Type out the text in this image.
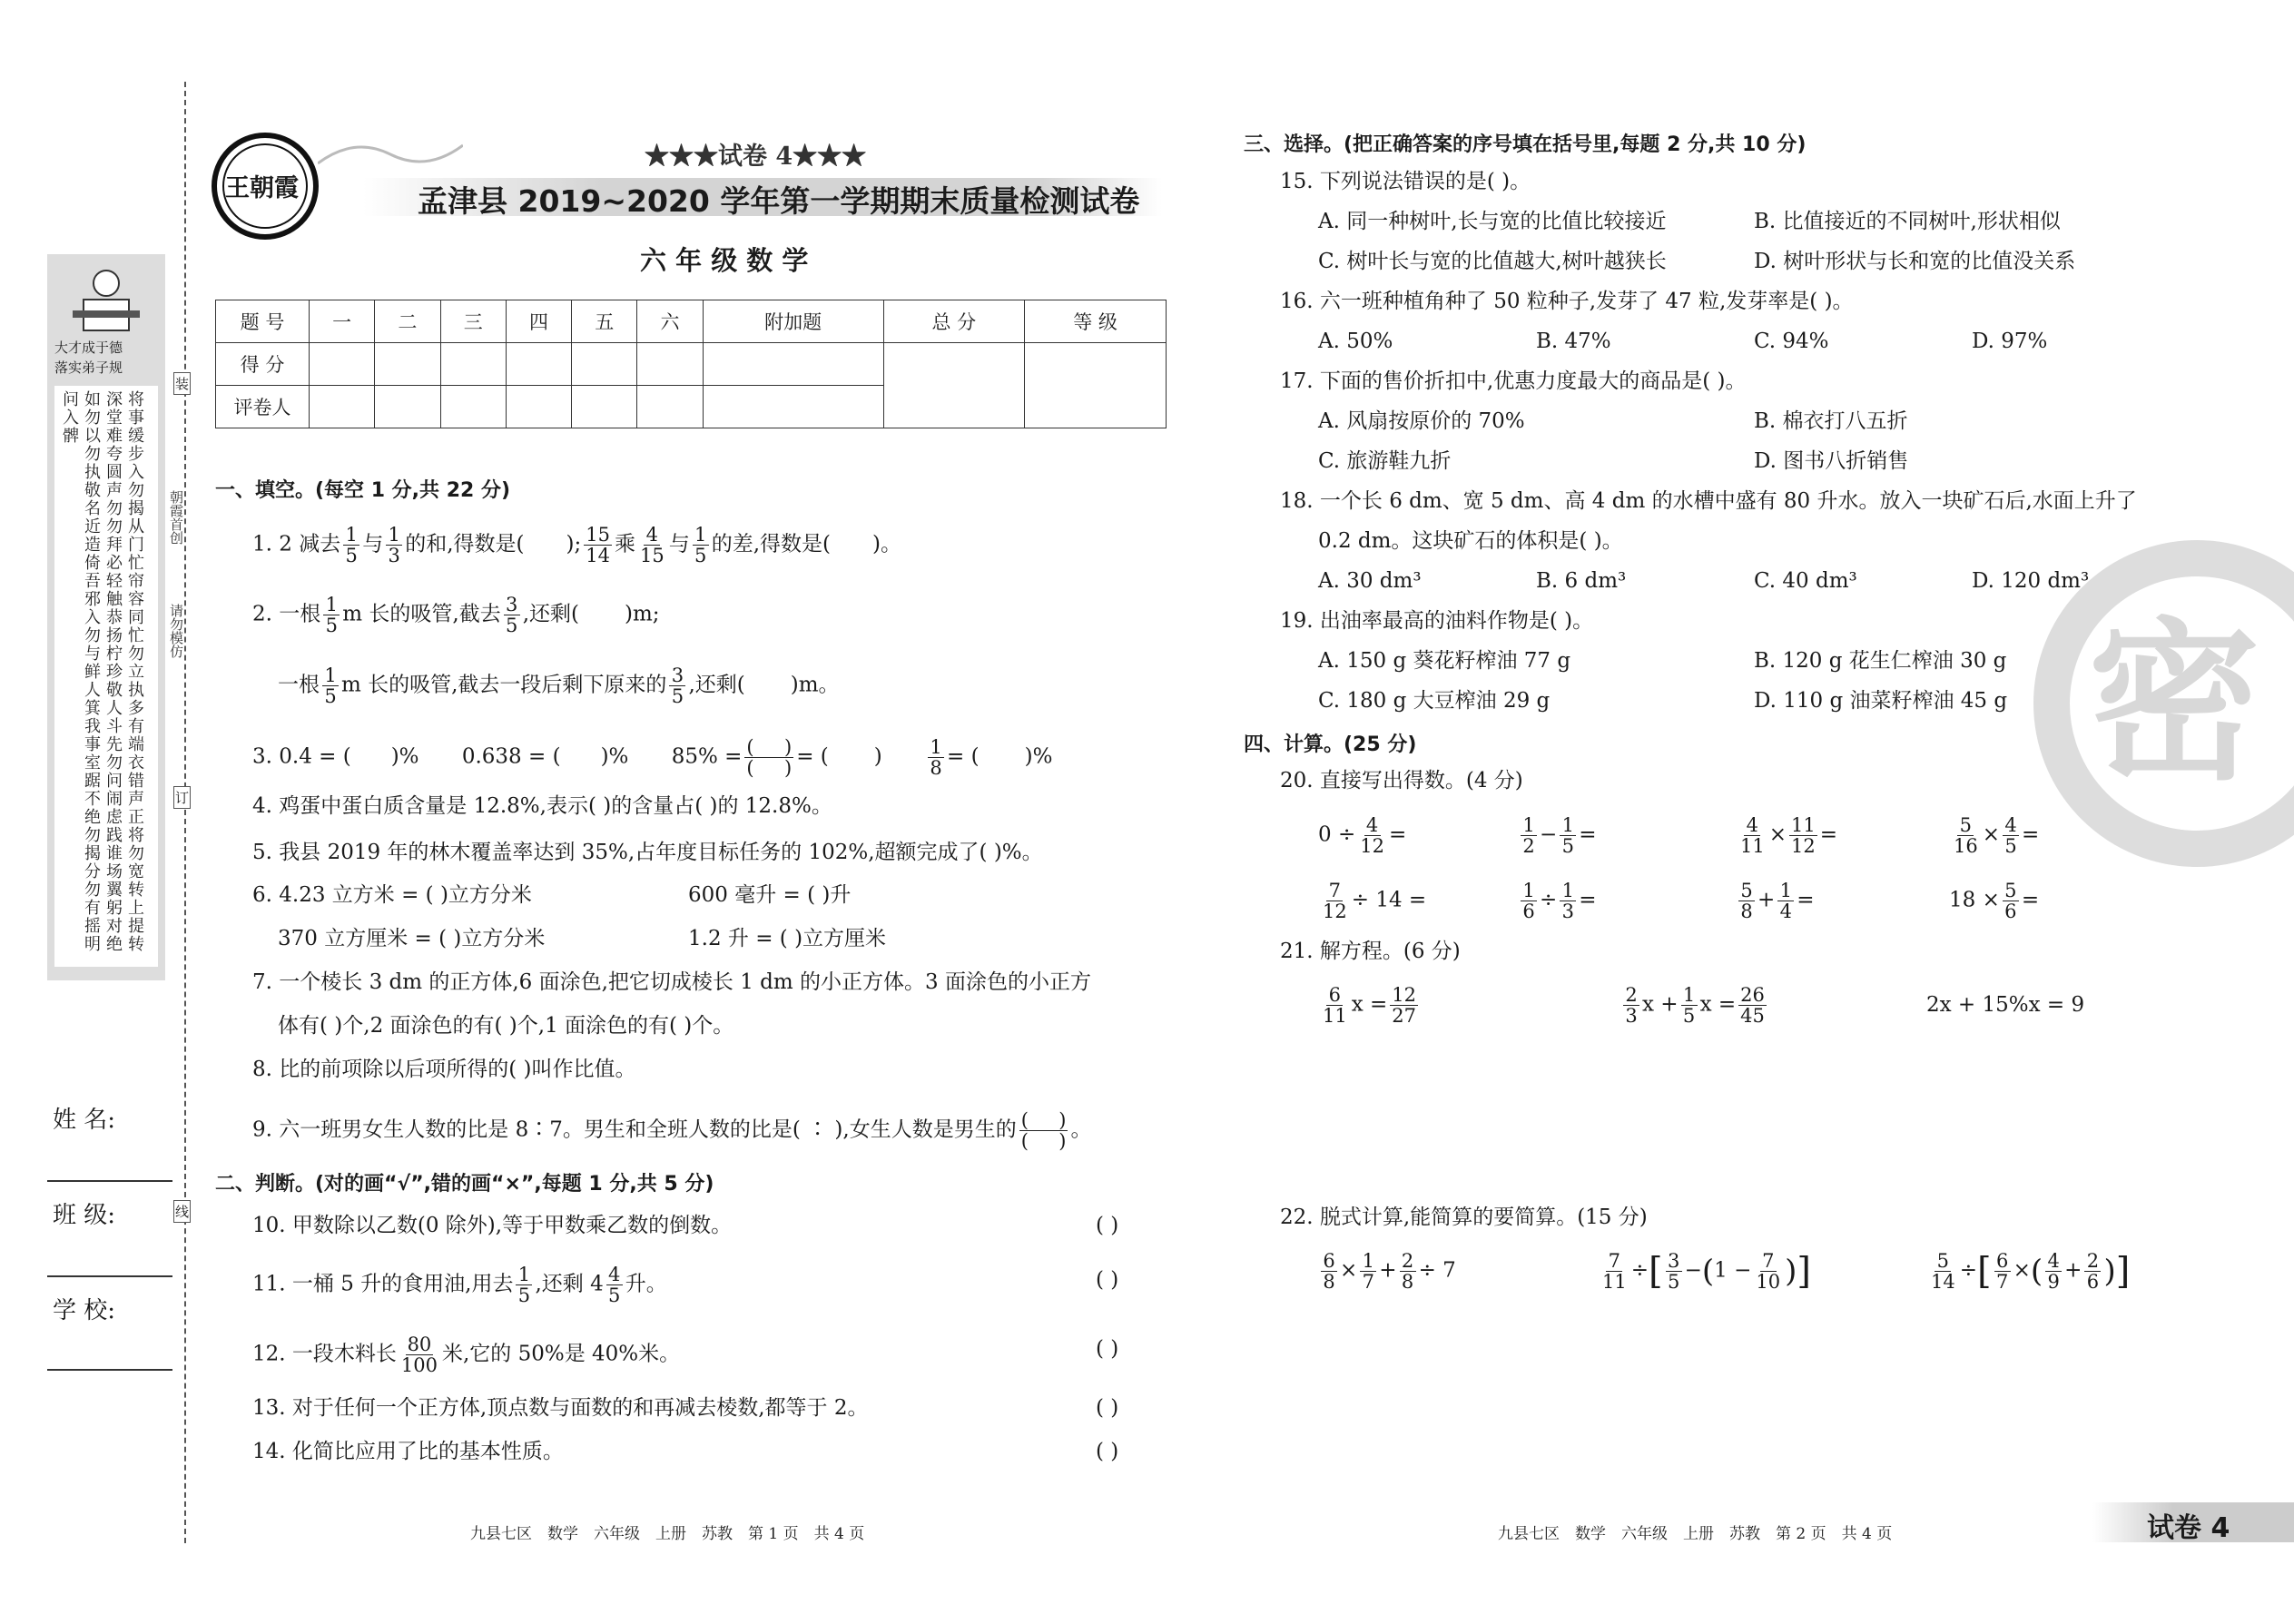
大才成于德
落实弟子规
将事缓步入勿揭从门忙帘容同忙勿立执多有端衣错声正将勿宽转上提转深堂难夸圆声勿勿拜必轻触恭扬柠珍敬人斗先勿问闹虑践谁场翼躬对绝如勿以勿执敬名近造倚吾邪入勿与鲜人箕我事室踞不绝勿揭分勿有摇明问入髀
朝霞首创
请勿模仿
装
订
线
姓 名:
班 级:
学 校:
王朝霞
★★★试卷 4★★★
孟津县 2019~2020 学年第一学期期末质量检测试卷
六 年 级 数 学
题 号	一	二	三	四	五	六	附加题	总 分	等 级
得 分									
评卷人									
一、填空。(每空 1 分,共 22 分)
1. 2 减去 $\frac{1}{5}$ 与 $\frac{1}{3}$ 的和,得数是( ); $\frac{15}{14}$ 乘 $\frac{4}{15}$ 与 $\frac{1}{5}$ 的差,得数是( )。
2. 一根 $\frac{1}{5}$ m 长的吸管,截去 $\frac{3}{5}$ ,还剩( )m;
一根 $\frac{1}{5}$ m 长的吸管,截去一段后剩下原来的 $\frac{3}{5}$ ,还剩( )m。
3. 0.4 = ( )% 0.638 = ( )% 85% = (     )
(     ) = ( ) $\frac{1}{8}$ = ( )%
4. 鸡蛋中蛋白质含量是 12.8%,表示( )的含量占( )的 12.8%。
5. 我县 2019 年的林木覆盖率达到 35%,占年度目标任务的 102%,超额完成了( )%。
6. 4.23 立方米 = ( )立方分米	600 毫升 = ( )升
370 立方厘米 = ( )立方分米	1.2 升 = ( )立方厘米
7. 一个棱长 3 dm 的正方体,6 面涂色,把它切成棱长 1 dm 的小正方体。3 面涂色的小正方
体有( )个,2 面涂色的有( )个,1 面涂色的有( )个。
8. 比的前项除以后项所得的( )叫作比值。
9. 六一班男女生人数的比是 8∶7。男生和全班人数的比是( ∶ ),女生人数是男生的 (     )
(     ) 。
二、判断。(对的画“√”,错的画“×”,每题 1 分,共 5 分)
10. 甲数除以乙数(0 除外),等于甲数乘乙数的倒数。	( )
11. 一桶 5 升的食用油,用去 $\frac{1}{5}$ ,还剩 $4 \frac{4}{5}$ 升。	( )
12. 一段木料长 $\frac{80}{100}$ 米,它的 50%是 40%米。	( )
13. 对于任何一个正方体,顶点数与面数的和再减去棱数,都等于 2。	( )
14. 化简比应用了比的基本性质。	( )
九县七区　数学　六年级　上册　苏教　第 1 页　共 4 页
三、选择。(把正确答案的序号填在括号里,每题 2 分,共 10 分)
15. 下列说法错误的是( )。
A. 同一种树叶,长与宽的比值比较接近	B. 比值接近的不同树叶,形状相似
C. 树叶长与宽的比值越大,树叶越狭长	D. 树叶形状与长和宽的比值没关系
16. 六一班种植角种了 50 粒种子,发芽了 47 粒,发芽率是( )。
A. 50%	B. 47%	C. 94%	D. 97%
17. 下面的售价折扣中,优惠力度最大的商品是( )。
A. 风扇按原价的 70%	B. 棉衣打八五折
C. 旅游鞋九折	D. 图书八折销售
18. 一个长 6 dm、宽 5 dm、高 4 dm 的水槽中盛有 80 升水。放入一块矿石后,水面上升了
0.2 dm。这块矿石的体积是( )。
A. 30 dm³	B. 6 dm³	C. 40 dm³	D. 120 dm³
19. 出油率最高的油料作物是( )。
A. 150 g 葵花籽榨油 77 g	B. 120 g 花生仁榨油 30 g
C. 180 g 大豆榨油 29 g	D. 110 g 油菜籽榨油 45 g
四、计算。(25 分)
20. 直接写出得数。(4 分)
$0 \div \frac{4}{12}$ =	$\frac{1}{2} - \frac{1}{5}$ =	$\frac{4}{11} \times \frac{11}{12}$ =	$\frac{5}{16} \times \frac{4}{5}$ =
$\frac{7}{12} \div 14$ =	$\frac{1}{6} \div \frac{1}{3}$ =	$\frac{5}{8} + \frac{1}{4}$ =	$18 \times \frac{5}{6}$ =
21. 解方程。(6 分)
$\frac{6}{11}$ $x = \frac{12}{27}$	$\frac{2}{3}$ $x + \frac{1}{5}$ $x = \frac{26}{45}$	2x + 15%x = 9
22. 脱式计算,能简算的要简算。(15 分)
$\frac{6}{8} \times \frac{1}{7} + \frac{2}{8} \div 7$	$\frac{7}{11}$ ÷[ $\frac{3}{5} -(1 - \frac{7}{10}$ )]	$\frac{5}{14}$ ÷[ $\frac{6}{7}$ ×( $\frac{4}{9} + \frac{2}{6}$ )]
密
九县七区　数学　六年级　上册　苏教　第 2 页　共 4 页	试卷 4
